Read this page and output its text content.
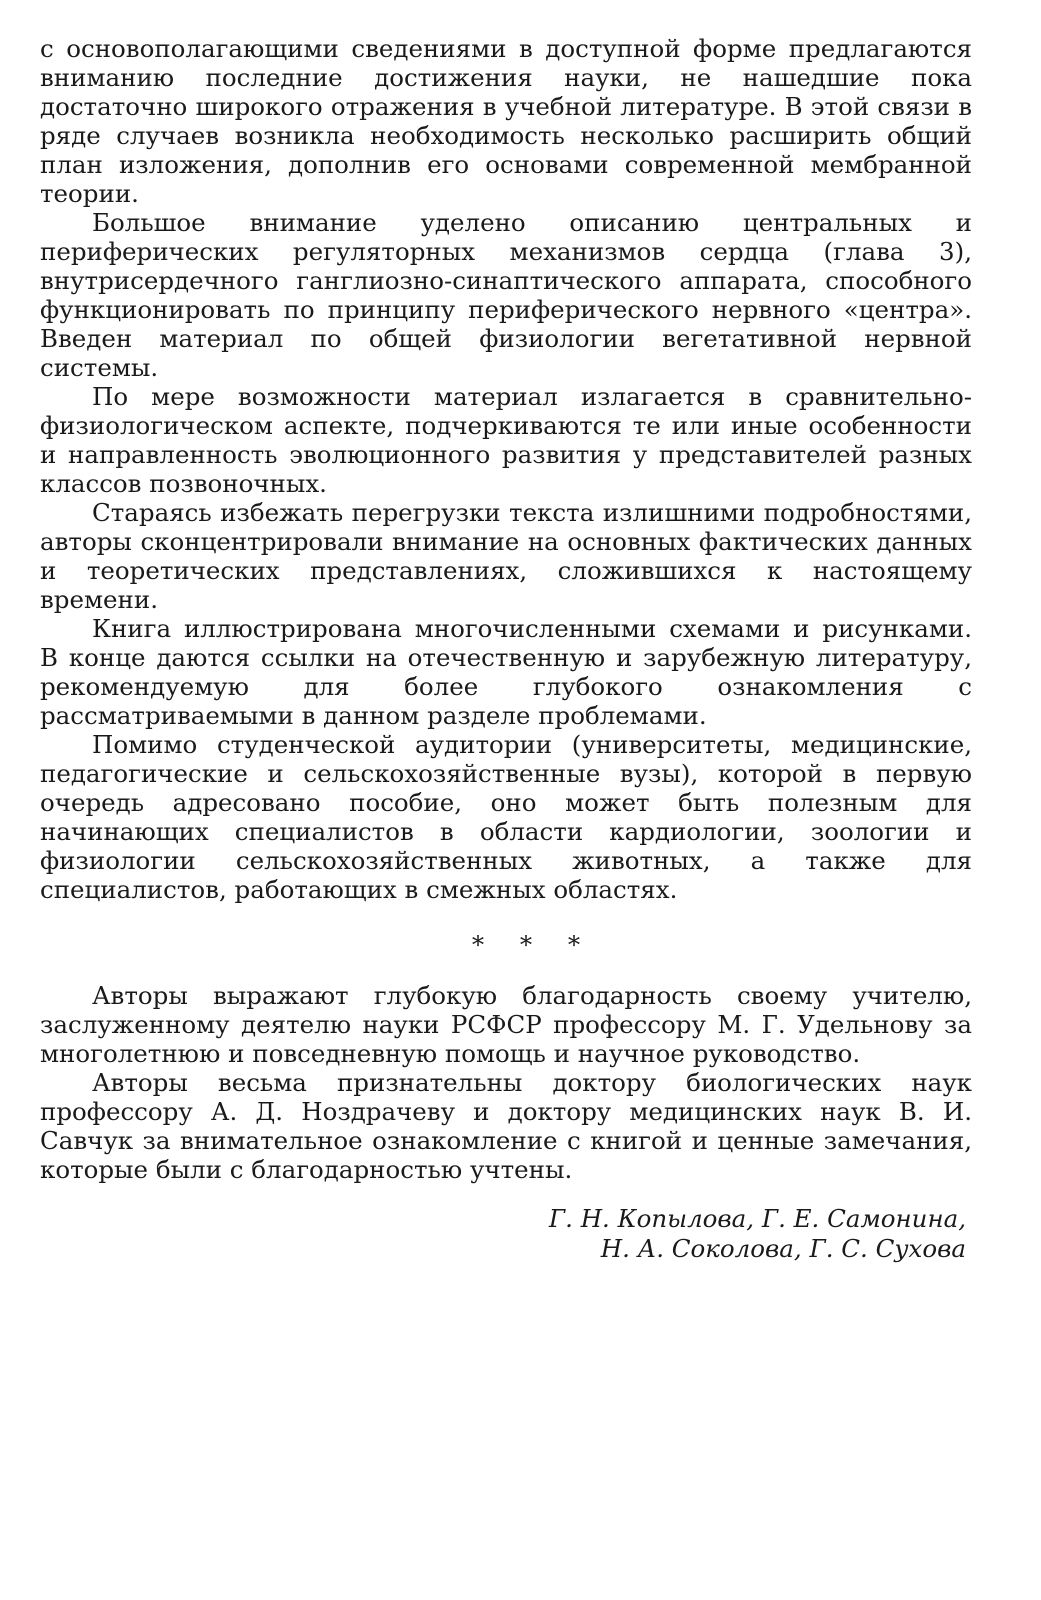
с основополагающими сведениями в доступной форме предлагаются вниманию последние достижения науки, не нашедшие пока достаточно широкого отражения в учебной литературе. В этой связи в ряде случаев возникла необходимость несколько расширить общий план изложения, дополнив его основами современной мембранной теории.

Большое внимание уделено описанию центральных и периферических регуляторных механизмов сердца (глава 3), внутрисердечного ганглиозно-синаптического аппарата, способного функционировать по принципу периферического нервного «центра». Введен материал по общей физиологии вегетативной нервной системы.

По мере возможности материал излагается в сравнительно-физиологическом аспекте, подчеркиваются те или иные особенности и направленность эволюционного развития у представителей разных классов позвоночных.

Стараясь избежать перегрузки текста излишними подробностями, авторы сконцентрировали внимание на основных фактических данных и теоретических представлениях, сложившихся к настоящему времени.

Книга иллюстрирована многочисленными схемами и рисунками. В конце даются ссылки на отечественную и зарубежную литературу, рекомендуемую для более глубокого ознакомления с рассматриваемыми в данном разделе проблемами.

Помимо студенческой аудитории (университеты, медицинские, педагогические и сельскохозяйственные вузы), которой в первую очередь адресовано пособие, оно может быть полезным для начинающих специалистов в области кардиологии, зоологии и физиологии сельскохозяйственных животных, а также для специалистов, работающих в смежных областях.

* * *

Авторы выражают глубокую благодарность своему учителю, заслуженному деятелю науки РСФСР профессору М. Г. Удельнову за многолетнюю и повседневную помощь и научное руководство.

Авторы весьма признательны доктору биологических наук профессору А. Д. Ноздрачеву и доктору медицинских наук В. И. Савчук за внимательное ознакомление с книгой и ценные замечания, которые были с благодарностью учтены.

Г. Н. Копылова, Г. Е. Самонина,
Н. А. Соколова, Г. С. Сухова
